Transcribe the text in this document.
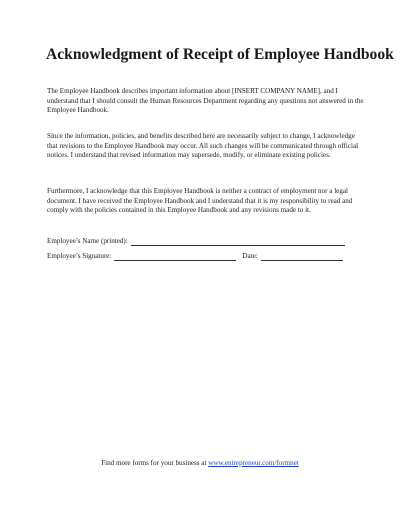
Acknowledgment of Receipt of Employee Handbook

The Employee Handbook describes important information about [INSERT COMPANY NAME], and I understand that I should consult the Human Resources Department regarding any questions not answered in the Employee Handbook.

Since the information, policies, and benefits described here are necessarily subject to change, I acknowledge that revisions to the Employee Handbook may occur. All such changes will be communicated through official notices. I understand that revised information may supersede, modify, or eliminate existing policies.

Furthermore, I acknowledge that this Employee Handbook is neither a contract of employment nor a legal document. I have received the Employee Handbook and I understand that it is my responsibility to read and comply with the policies contained in this Employee Handbook and any revisions made to it.

Employee’s Name (printed):
Employee’s Signature:	Date:
Find more forms for your business at www.entrepreneur.com/formnet
